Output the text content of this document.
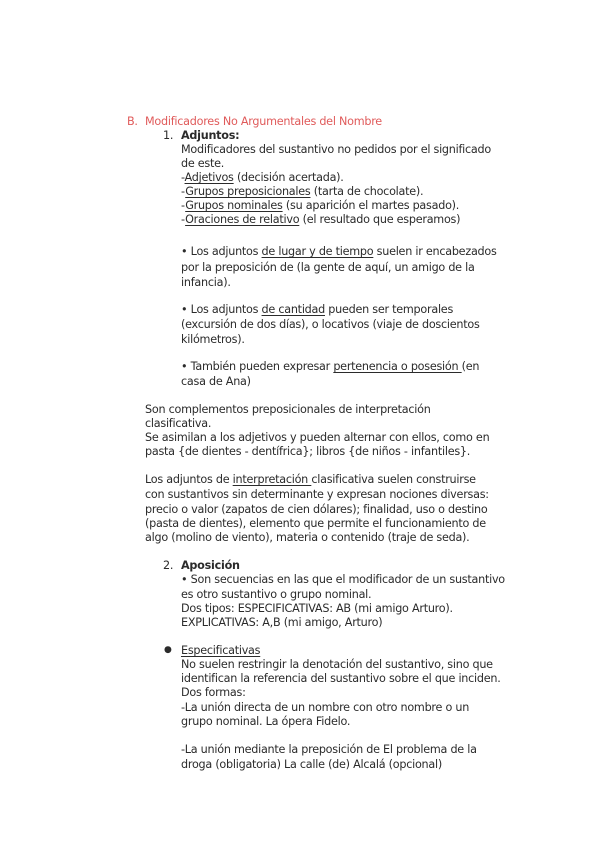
B. Modificadores No Argumentales del Nombre
1. Adjuntos:
Modificadores del sustantivo no pedidos por el significado
de este.
-Adjetivos (decisión acertada).
-Grupos preposicionales (tarta de chocolate).
-Grupos nominales (su aparición el martes pasado).
-Oraciones de relativo (el resultado que esperamos)
• Los adjuntos de lugar y de tiempo suelen ir encabezados
por la preposición de (la gente de aquí, un amigo de la
infancia).
• Los adjuntos de cantidad pueden ser temporales
(excursión de dos días), o locativos (viaje de doscientos
kilómetros).
• También pueden expresar pertenencia o posesión (en
casa de Ana)
Son complementos preposicionales de interpretación
clasificativa.
Se asimilan a los adjetivos y pueden alternar con ellos, como en
pasta {de dientes - dentífrica}; libros {de niños - infantiles}.
Los adjuntos de interpretación clasificativa suelen construirse
con sustantivos sin determinante y expresan nociones diversas:
precio o valor (zapatos de cien dólares); finalidad, uso o destino
(pasta de dientes), elemento que permite el funcionamiento de
algo (molino de viento), materia o contenido (traje de seda).
2. Aposición
• Son secuencias en las que el modificador de un sustantivo
es otro sustantivo o grupo nominal.
Dos tipos: ESPECIFICATIVAS: AB (mi amigo Arturo).
EXPLICATIVAS: A,B (mi amigo, Arturo)
● Especificativas
No suelen restringir la denotación del sustantivo, sino que
identifican la referencia del sustantivo sobre el que inciden.
Dos formas:
-La unión directa de un nombre con otro nombre o un
grupo nominal. La ópera Fidelo.
-La unión mediante la preposición de El problema de la
droga (obligatoria) La calle (de) Alcalá (opcional)
